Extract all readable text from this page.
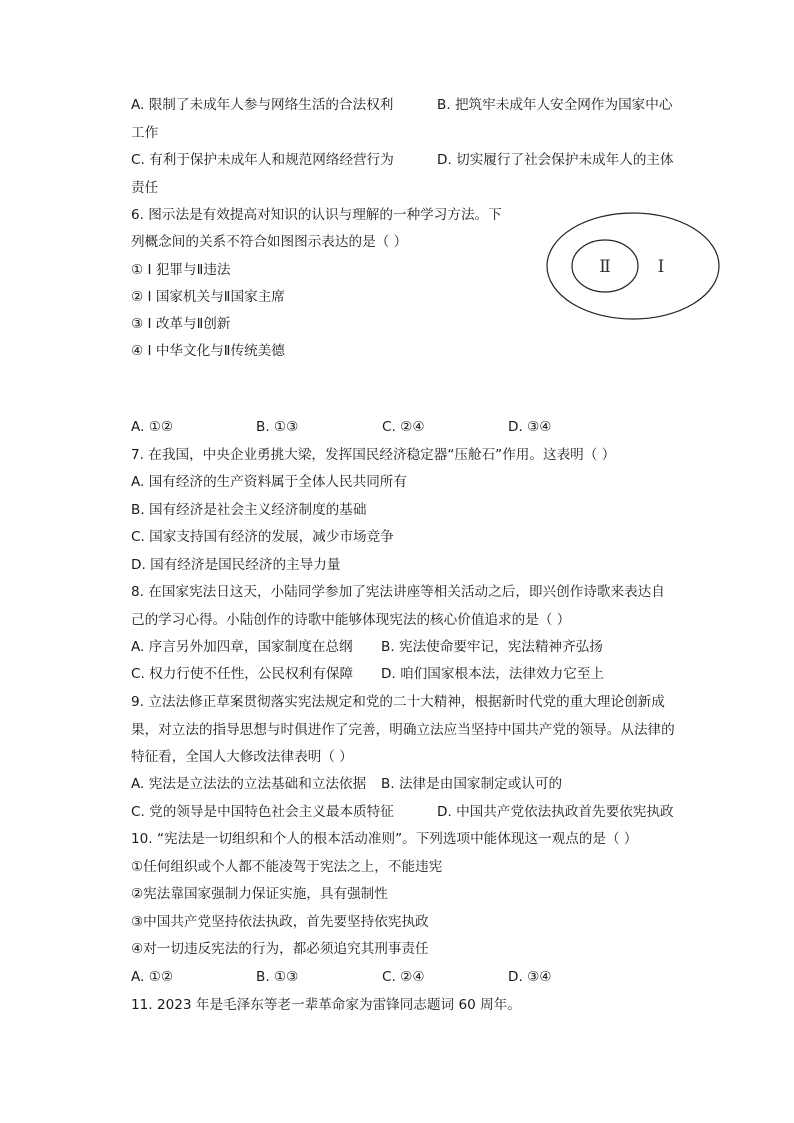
A. 限制了未成年人参与网络生活的合法权利	B. 把筑牢未成年人安全网作为国家中心
工作
C. 有利于保护未成年人和规范网络经营行为	D. 切实履行了社会保护未成年人的主体
责任
6. 图示法是有效提高对知识的认识与理解的一种学习方法。下
列概念间的关系不符合如图图示表达的是（ ）
① I 犯罪与Ⅱ违法
② I 国家机关与Ⅱ国家主席
③ I 改革与Ⅱ创新
④ I 中华文化与Ⅱ传统美德
Ⅱ	I
A. ①②	B. ①③	C. ②④	D. ③④
7. 在我国，中央企业勇挑大梁，发挥国民经济稳定器“压舱石”作用。这表明（ ）
A. 国有经济的生产资料属于全体人民共同所有
B. 国有经济是社会主义经济制度的基础
C. 国家支持国有经济的发展，减少市场竞争
D. 国有经济是国民经济的主导力量
8. 在国家宪法日这天，小陆同学参加了宪法讲座等相关活动之后，即兴创作诗歌来表达自
己的学习心得。小陆创作的诗歌中能够体现宪法的核心价值追求的是（ ）
A. 序言另外加四章，国家制度在总纲 B. 宪法使命要牢记，宪法精神齐弘扬
C. 权力行使不任性，公民权利有保障 D. 咱们国家根本法，法律效力它至上
9. 立法法修正草案贯彻落实宪法规定和党的二十大精神，根据新时代党的重大理论创新成
果，对立法的指导思想与时俱进作了完善，明确立法应当坚持中国共产党的领导。从法律的
特征看，全国人大修改法律表明（ ）
A. 宪法是立法法的立法基础和立法依据 B. 法律是由国家制定或认可的
C. 党的领导是中国特色社会主义最本质特征	D. 中国共产党依法执政首先要依宪执政
10. “宪法是一切组织和个人的根本活动准则”。下列选项中能体现这一观点的是（ ）
①任何组织或个人都不能凌驾于宪法之上，不能违宪
②宪法靠国家强制力保证实施，具有强制性
③中国共产党坚持依法执政，首先要坚持依宪执政
④对一切违反宪法的行为，都必须追究其刑事责任
A. ①②	B. ①③	C. ②④	D. ③④
11. 2023 年是毛泽东等老一辈革命家为雷锋同志题词 60 周年。
